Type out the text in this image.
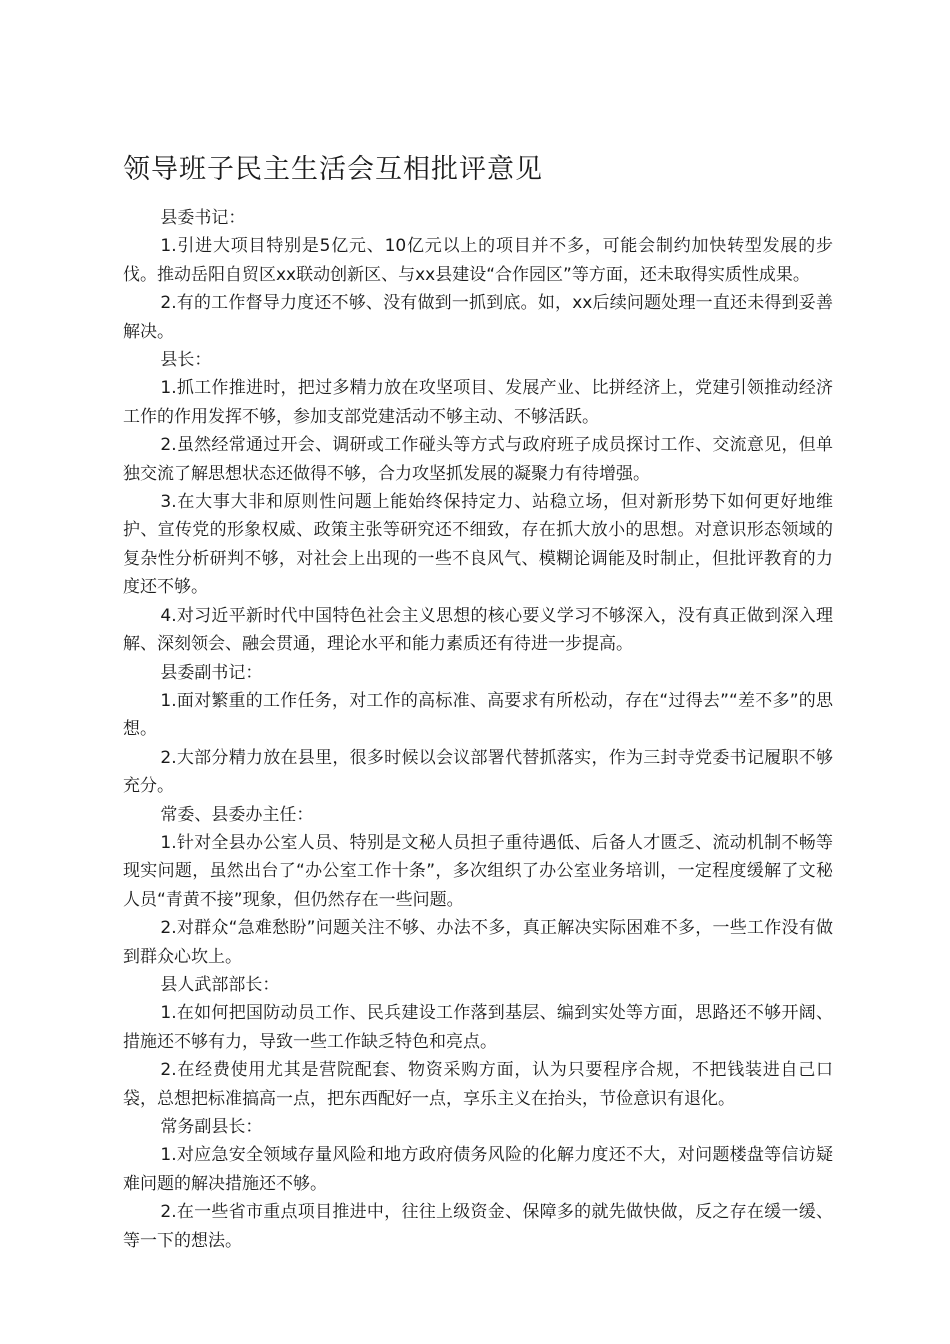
领导班子民主生活会互相批评意见

县委书记：

1.引进大项目特别是5亿元、10亿元以上的项目并不多，可能会制约加快转型发展的步伐。推动岳阳自贸区xx联动创新区、与xx县建设“合作园区”等方面，还未取得实质性成果。

2.有的工作督导力度还不够、没有做到一抓到底。如，xx后续问题处理一直还未得到妥善解决。

县长：

1.抓工作推进时，把过多精力放在攻坚项目、发展产业、比拼经济上，党建引领推动经济工作的作用发挥不够，参加支部党建活动不够主动、不够活跃。

2.虽然经常通过开会、调研或工作碰头等方式与政府班子成员探讨工作、交流意见，但单独交流了解思想状态还做得不够，合力攻坚抓发展的凝聚力有待增强。

3.在大事大非和原则性问题上能始终保持定力、站稳立场，但对新形势下如何更好地维护、宣传党的形象权威、政策主张等研究还不细致，存在抓大放小的思想。对意识形态领域的复杂性分析研判不够，对社会上出现的一些不良风气、模糊论调能及时制止，但批评教育的力度还不够。

4.对习近平新时代中国特色社会主义思想的核心要义学习不够深入，没有真正做到深入理解、深刻领会、融会贯通，理论水平和能力素质还有待进一步提高。

县委副书记：

1.面对繁重的工作任务，对工作的高标准、高要求有所松动，存在“过得去”“差不多”的思想。

2.大部分精力放在县里，很多时候以会议部署代替抓落实，作为三封寺党委书记履职不够充分。

常委、县委办主任：

1.针对全县办公室人员、特别是文秘人员担子重待遇低、后备人才匮乏、流动机制不畅等现实问题，虽然出台了“办公室工作十条”，多次组织了办公室业务培训，一定程度缓解了文秘人员“青黄不接”现象，但仍然存在一些问题。

2.对群众“急难愁盼”问题关注不够、办法不多，真正解决实际困难不多，一些工作没有做到群众心坎上。

县人武部部长：

1.在如何把国防动员工作、民兵建设工作落到基层、编到实处等方面，思路还不够开阔、措施还不够有力，导致一些工作缺乏特色和亮点。

2.在经费使用尤其是营院配套、物资采购方面，认为只要程序合规，不把钱装进自己口袋，总想把标准搞高一点，把东西配好一点，享乐主义在抬头，节俭意识有退化。

常务副县长：

1.对应急安全领域存量风险和地方政府债务风险的化解力度还不大，对问题楼盘等信访疑难问题的解决措施还不够。

2.在一些省市重点项目推进中，往往上级资金、保障多的就先做快做，反之存在缓一缓、等一下的想法。
